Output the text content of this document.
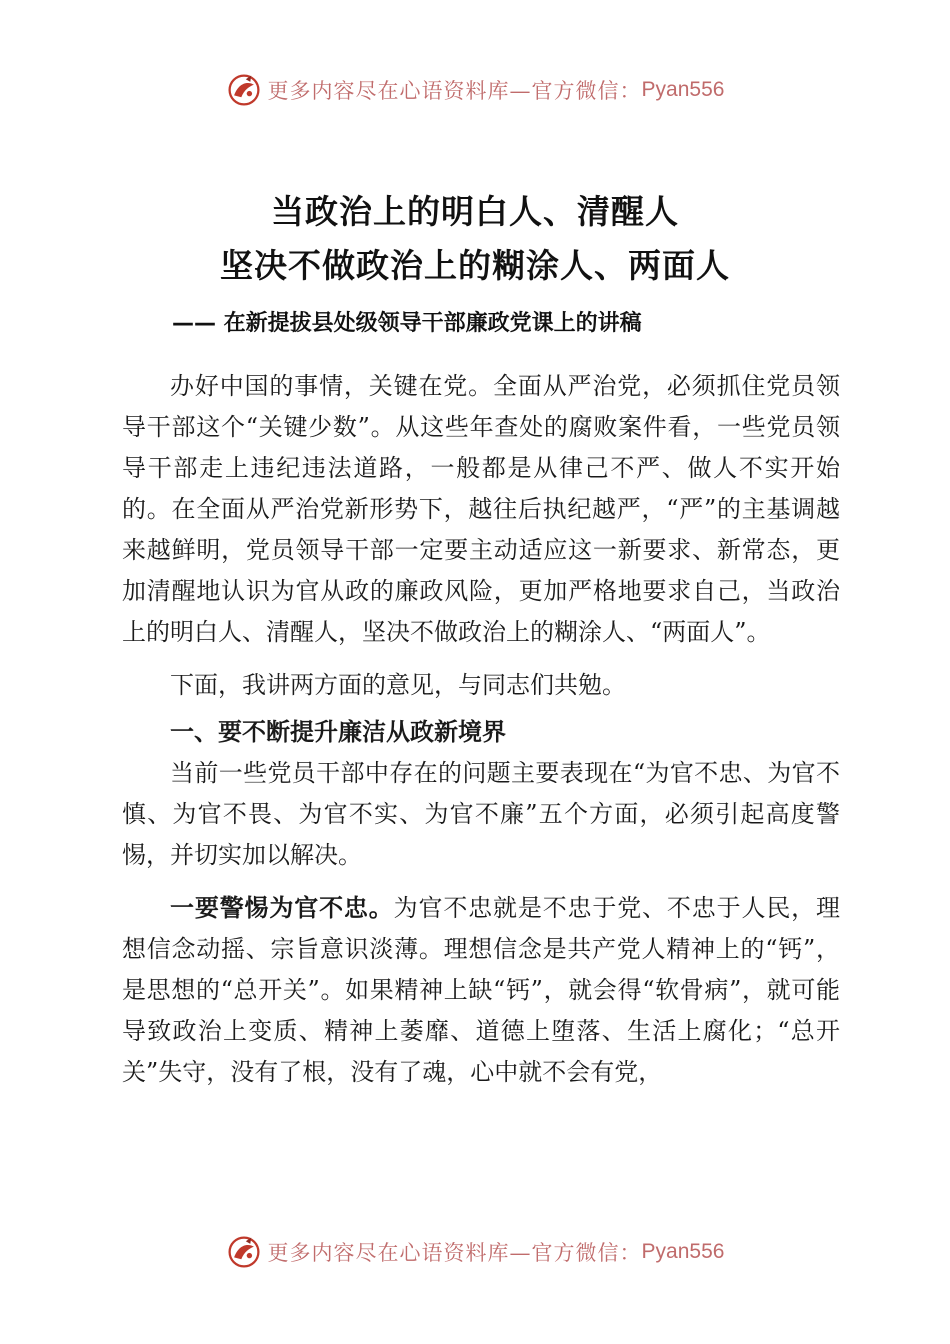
更多内容尽在心语资料库—官方微信： Pyan556
当政治上的明白人、清醒人
坚决不做政治上的糊涂人、两面人
—— 在新提拔县处级领导干部廉政党课上的讲稿

办好中国的事情，关键在党。全面从严治党，必须抓住党员领导干部这个“关键少数”。从这些年查处的腐败案件看，一些党员领导干部走上违纪违法道路，一般都是从律己不严、做人不实开始的。在全面从严治党新形势下，越往后执纪越严，“严”的主基调越来越鲜明，党员领导干部一定要主动适应这一新要求、新常态，更加清醒地认识为官从政的廉政风险，更加严格地要求自己，当政治上的明白人、清醒人，坚决不做政治上的糊涂人、“两面人”。

下面，我讲两方面的意见，与同志们共勉。

一、要不断提升廉洁从政新境界

当前一些党员干部中存在的问题主要表现在“为官不忠、为官不慎、为官不畏、为官不实、为官不廉”五个方面，必须引起高度警惕，并切实加以解决。

一要警惕为官不忠。为官不忠就是不忠于党、不忠于人民，理想信念动摇、宗旨意识淡薄。理想信念是共产党人精神上的“钙”，是思想的“总开关”。如果精神上缺“钙”，就会得“软骨病”，就可能导致政治上变质、精神上萎靡、道德上堕落、生活上腐化；“总开关”失守，没有了根，没有了魂，心中就不会有党，

更多内容尽在心语资料库—官方微信： Pyan556
